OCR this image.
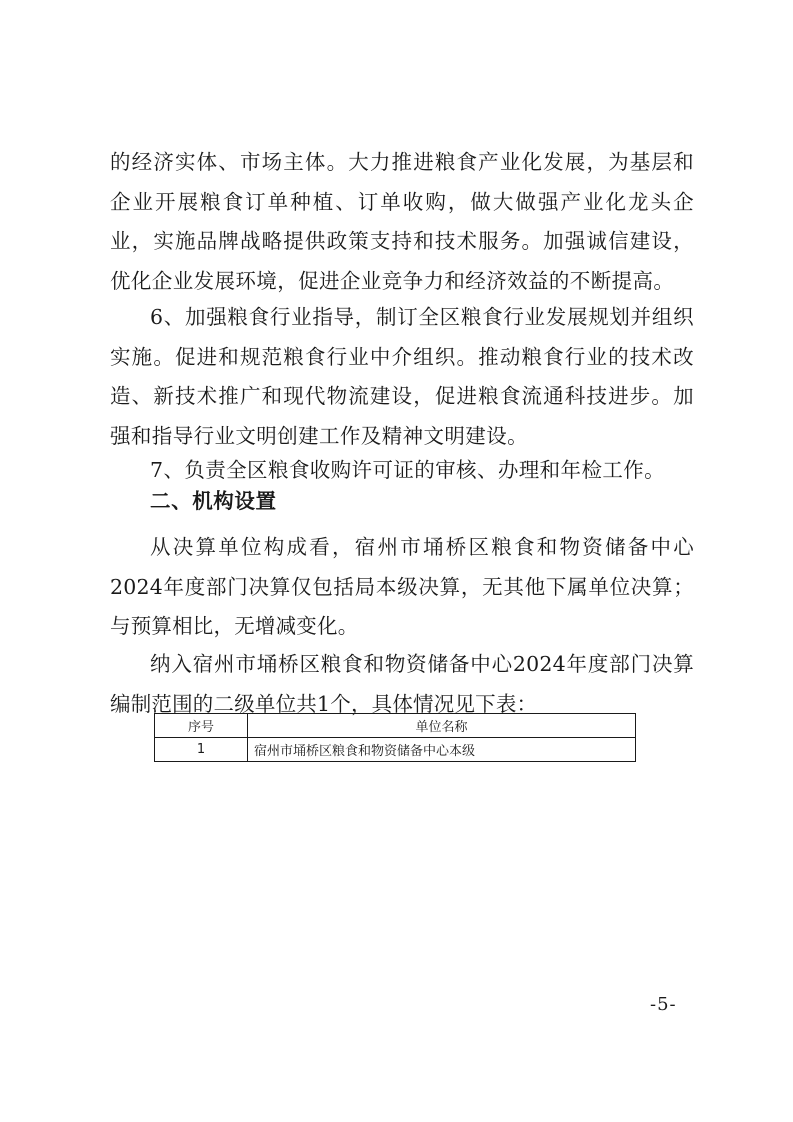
的经济实体、市场主体。大力推进粮食产业化发展，为基层和企业开展粮食订单种植、订单收购，做大做强产业化龙头企业，实施品牌战略提供政策支持和技术服务。加强诚信建设，优化企业发展环境，促进企业竞争力和经济效益的不断提高。

6、加强粮食行业指导，制订全区粮食行业发展规划并组织实施。促进和规范粮食行业中介组织。推动粮食行业的技术改造、新技术推广和现代物流建设，促进粮食流通科技进步。加强和指导行业文明创建工作及精神文明建设。

7、负责全区粮食收购许可证的审核、办理和年检工作。

二、机构设置

从决算单位构成看，宿州市埇桥区粮食和物资储备中心2024年度部门决算仅包括局本级决算，无其他下属单位决算；与预算相比，无增减变化。

纳入宿州市埇桥区粮食和物资储备中心2024年度部门决算编制范围的二级单位共1个，具体情况见下表：

序号	单位名称
1	宿州市埇桥区粮食和物资储备中心本级
-5-
